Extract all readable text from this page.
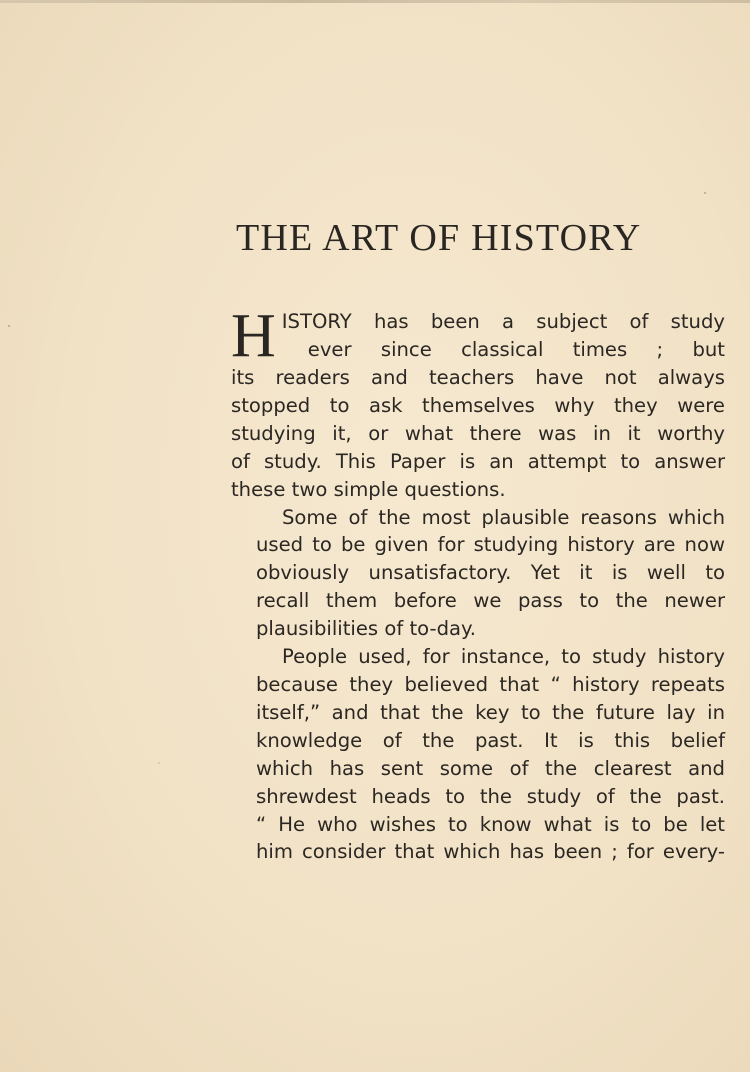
THE ART OF HISTORY
H ISTORY has been a subject of study
ever since classical times ; but
its readers and teachers have not always
stopped to ask themselves why they were
studying it, or what there was in it worthy
of study. This Paper is an attempt to answer
these two simple questions.
Some of the most plausible reasons which
used to be given for studying history are now
obviously unsatisfactory. Yet it is well to
recall them before we pass to the newer
plausibilities of to-day.
People used, for instance, to study history
because they believed that “ history repeats
itself,” and that the key to the future lay in
knowledge of the past. It is this belief
which has sent some of the clearest and
shrewdest heads to the study of the past.
“ He who wishes to know what is to be let
him consider that which has been ; for every-
